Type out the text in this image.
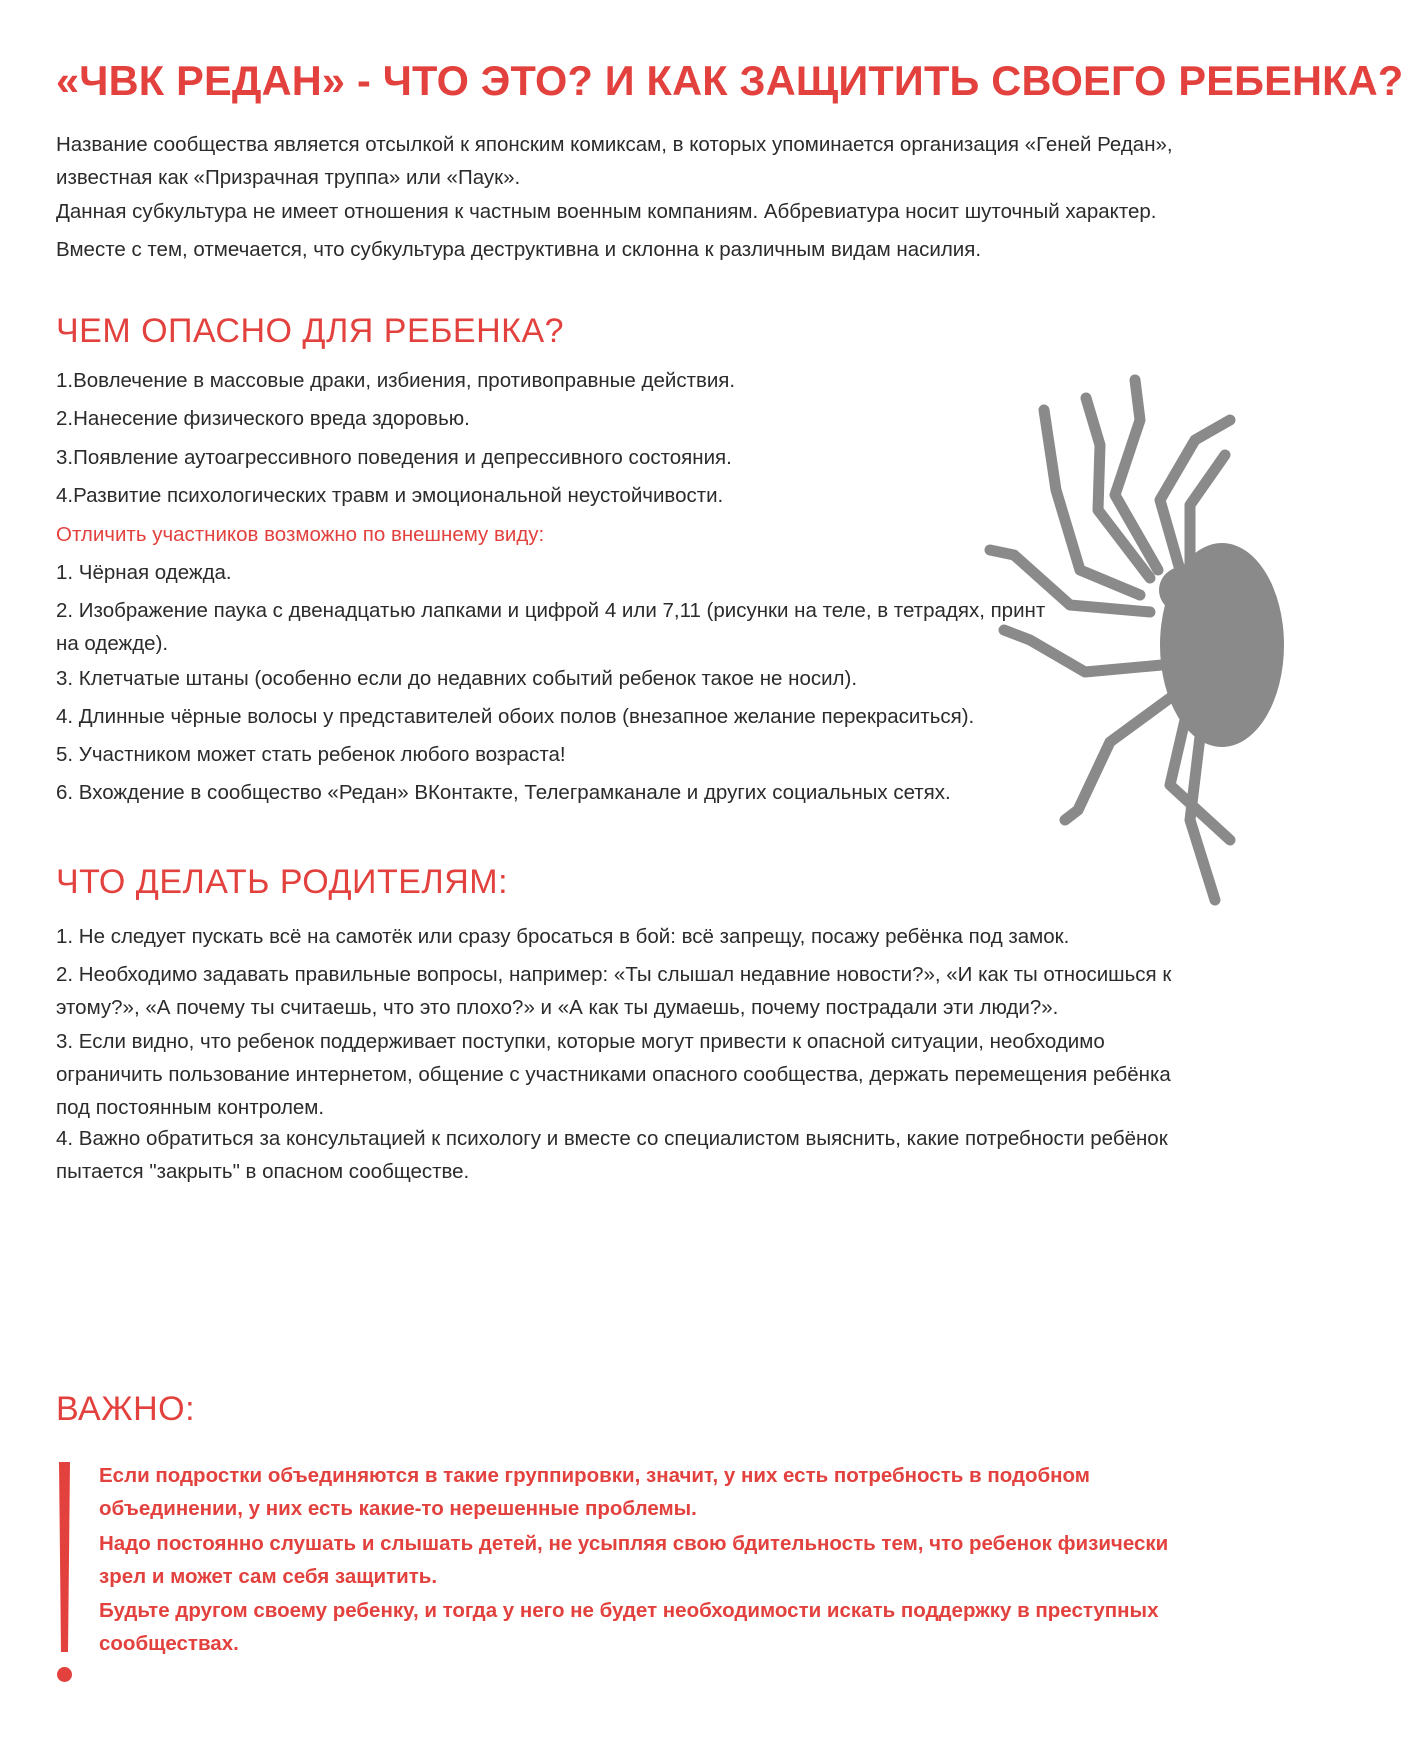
«ЧВК РЕДАН» - ЧТО ЭТО? И КАК ЗАЩИТИТЬ СВОЕГО РЕБЕНКА?

Название сообщества является отсылкой к японским комиксам, в которых упоминается организация «Геней Редан», известная как «Призрачная труппа» или «Паук».

Данная субкультура не имеет отношения к частным военным компаниям. Аббревиатура носит шуточный характер.

Вместе с тем, отмечается, что субкультура деструктивна и склонна к различным видам насилия.

ЧЕМ ОПАСНО ДЛЯ РЕБЕНКА?

1.Вовлечение в массовые драки, избиения, противоправные действия.

2.Нанесение физического вреда здоровью.

3.Появление аутоагрессивного поведения и депрессивного состояния.

4.Развитие психологических травм и эмоциональной неустойчивости.

Отличить участников возможно по внешнему виду:

1. Чёрная одежда.

2. Изображение паука с двенадцатью лапками и цифрой 4 или 7,11 (рисунки на теле, в тетрадях, принт на одежде).

3. Клетчатые штаны (особенно если до недавних событий ребенок такое не носил).

4. Длинные чёрные волосы у представителей обоих полов (внезапное желание перекраситься).

5. Участником может стать ребенок любого возраста!

6. Вхождение в сообщество «Редан» ВКонтакте, Телеграмканале и других социальных сетях.

ЧТО ДЕЛАТЬ РОДИТЕЛЯМ:

1. Не следует пускать всё на самотёк или сразу бросаться в бой: всё запрещу, посажу ребёнка под замок.

2. Необходимо задавать правильные вопросы, например: «Ты слышал недавние новости?», «И как ты относишься к этому?», «А почему ты считаешь, что это плохо?» и «А как ты думаешь, почему пострадали эти люди?».

3. Если видно, что ребенок поддерживает поступки, которые могут привести к опасной ситуации, необходимо ограничить пользование интернетом, общение с участниками опасного сообщества, держать перемещения ребёнка под постоянным контролем.

4. Важно обратиться за консультацией к психологу и вместе со специалистом выяснить, какие потребности ребёнок пытается "закрыть" в опасном сообществе.

ВАЖНО:

Если подростки объединяются в такие группировки, значит, у них есть потребность в подобном объединении, у них есть какие-то нерешенные проблемы.

Надо постоянно слушать и слышать детей, не усыпляя свою бдительность тем, что ребенок физически зрел и может сам себя защитить.

Будьте другом своему ребенку, и тогда у него не будет необходимости искать поддержку в преступных сообществах.
